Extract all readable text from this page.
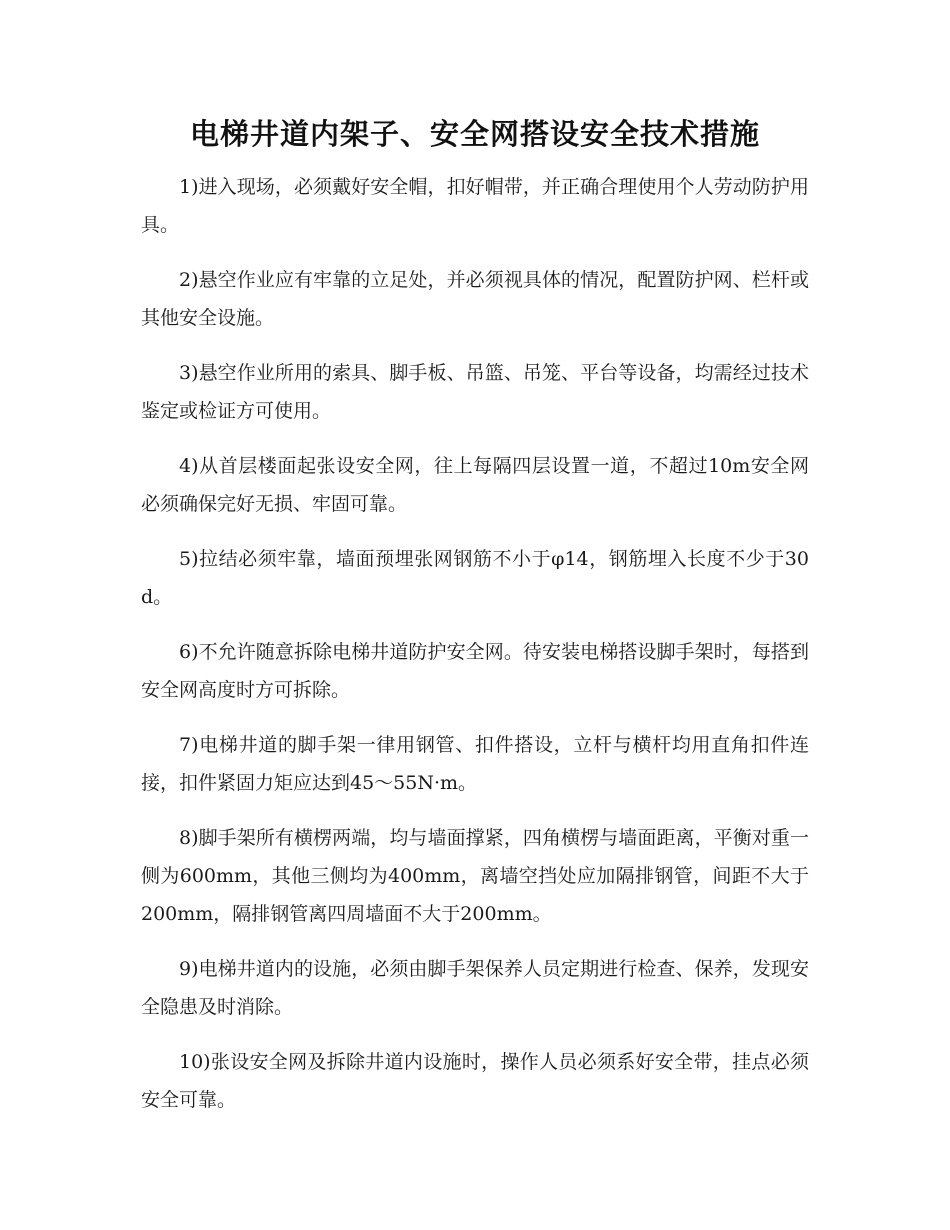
电梯井道内架子、安全网搭设安全技术措施

1)进入现场，必须戴好安全帽，扣好帽带，并正确合理使用个人劳动防护用具。

2)悬空作业应有牢靠的立足处，并必须视具体的情况，配置防护网、栏杆或其他安全设施。

3)悬空作业所用的索具、脚手板、吊篮、吊笼、平台等设备，均需经过技术鉴定或检证方可使用。

4)从首层楼面起张设安全网，往上每隔四层设置一道，不超过10m安全网必须确保完好无损、牢固可靠。

5)拉结必须牢靠，墙面预埋张网钢筋不小于φ14，钢筋埋入长度不少于30d。

6)不允许随意拆除电梯井道防护安全网。待安装电梯搭设脚手架时，每搭到安全网高度时方可拆除。

7)电梯井道的脚手架一律用钢管、扣件搭设，立杆与横杆均用直角扣件连接，扣件紧固力矩应达到45～55N·m。

8)脚手架所有横楞两端，均与墙面撑紧，四角横楞与墙面距离，平衡对重一侧为600mm，其他三侧均为400mm，离墙空挡处应加隔排钢管，间距不大于200mm，隔排钢管离四周墙面不大于200mm。

9)电梯井道内的设施，必须由脚手架保养人员定期进行检查、保养，发现安全隐患及时消除。

10)张设安全网及拆除井道内设施时，操作人员必须系好安全带，挂点必须安全可靠。
